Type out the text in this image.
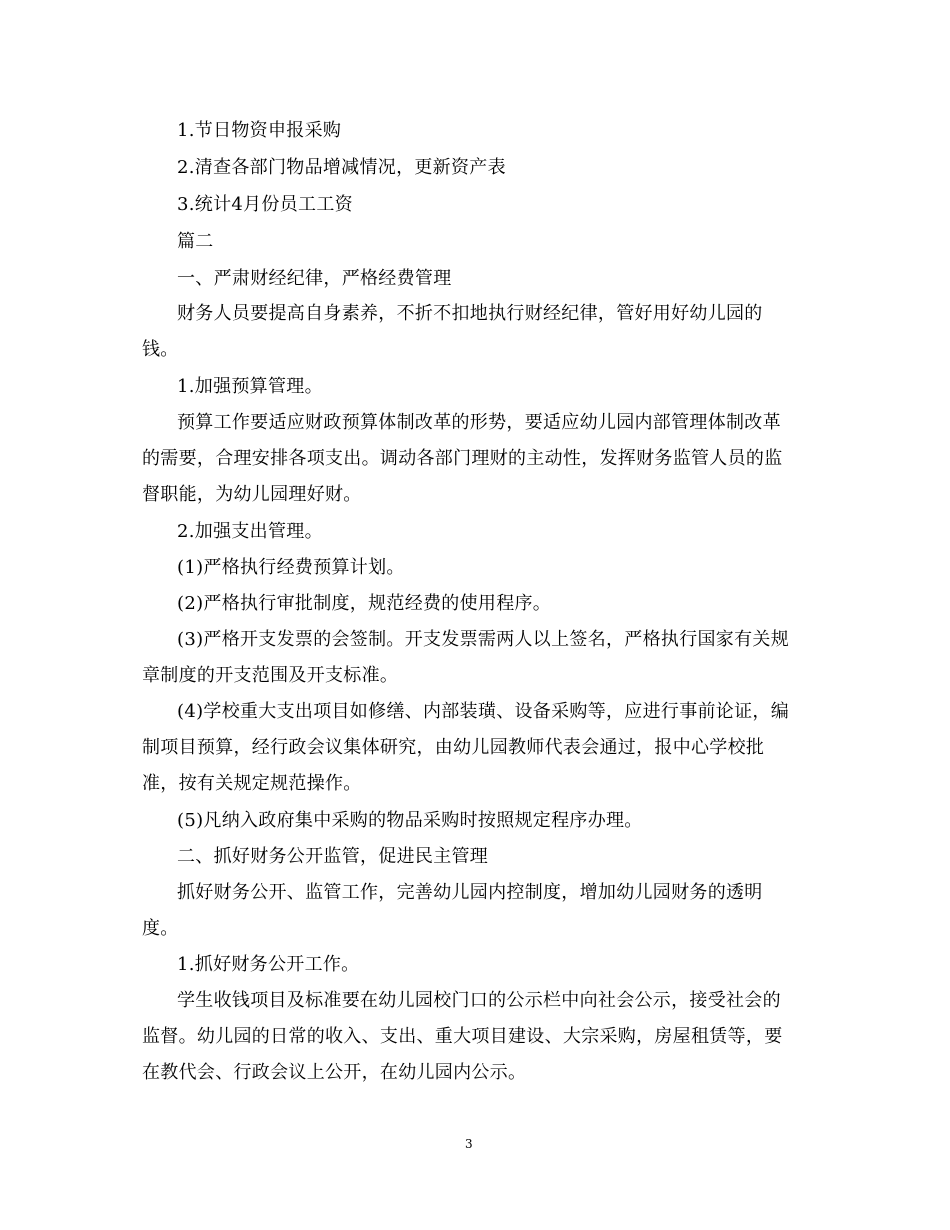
1.节日物资申报采购
2.清查各部门物品增减情况，更新资产表
3.统计4月份员工工资
篇二
一、严肃财经纪律，严格经费管理
财务人员要提高自身素养，不折不扣地执行财经纪律，管好用好幼儿园的
钱。
1.加强预算管理。
预算工作要适应财政预算体制改革的形势，要适应幼儿园内部管理体制改革
的需要，合理安排各项支出。调动各部门理财的主动性，发挥财务监管人员的监
督职能，为幼儿园理好财。
2.加强支出管理。
(1)严格执行经费预算计划。
(2)严格执行审批制度，规范经费的使用程序。
(3)严格开支发票的会签制。开支发票需两人以上签名，严格执行国家有关规
章制度的开支范围及开支标准。
(4)学校重大支出项目如修缮、内部装璜、设备采购等，应进行事前论证，编
制项目预算，经行政会议集体研究，由幼儿园教师代表会通过，报中心学校批
准，按有关规定规范操作。
(5)凡纳入政府集中采购的物品采购时按照规定程序办理。
二、抓好财务公开监管，促进民主管理
抓好财务公开、监管工作，完善幼儿园内控制度，增加幼儿园财务的透明
度。
1.抓好财务公开工作。
学生收钱项目及标准要在幼儿园校门口的公示栏中向社会公示，接受社会的
监督。幼儿园的日常的收入、支出、重大项目建设、大宗采购，房屋租赁等，要
在教代会、行政会议上公开，在幼儿园内公示。
3
